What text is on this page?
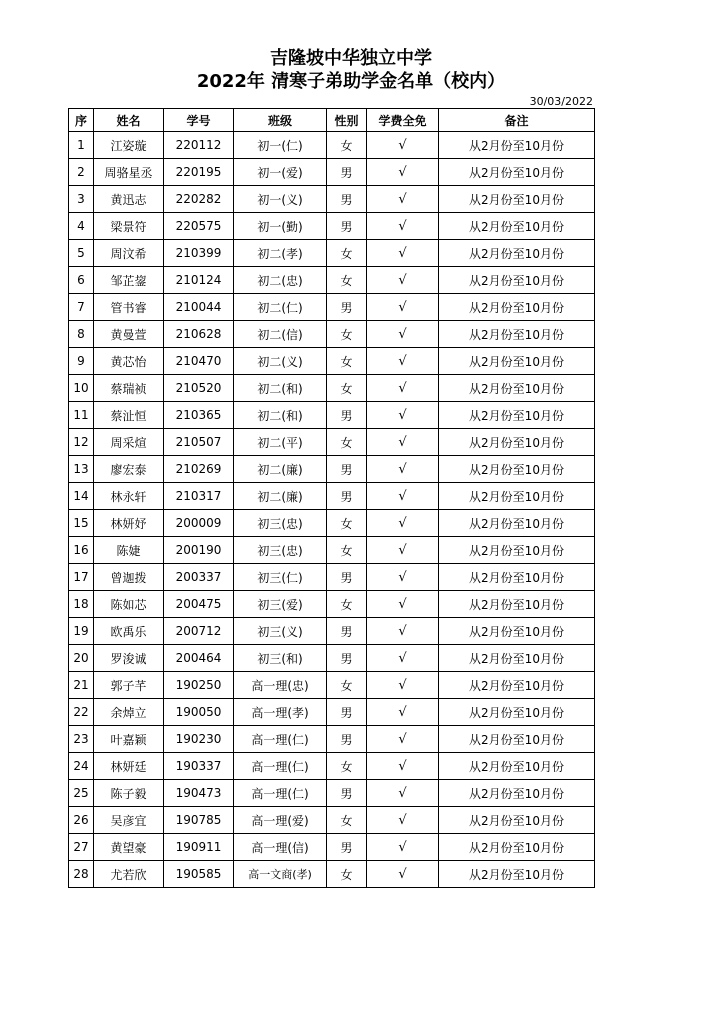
吉隆坡中华独立中学
2022年 清寒子弟助学金名单（校内）
30/03/2022
序	姓名	学号	班级	性别	学费全免	备注
1	江姿璇	220112	初一(仁)	女	√	从2月份至10月份
2	周骆星丞	220195	初一(爱)	男	√	从2月份至10月份
3	黄迅志	220282	初一(义)	男	√	从2月份至10月份
4	梁景符	220575	初一(勤)	男	√	从2月份至10月份
5	周汶希	210399	初二(孝)	女	√	从2月份至10月份
6	邹芷鋆	210124	初二(忠)	女	√	从2月份至10月份
7	管书睿	210044	初二(仁)	男	√	从2月份至10月份
8	黄曼萱	210628	初二(信)	女	√	从2月份至10月份
9	黄芯怡	210470	初二(义)	女	√	从2月份至10月份
10	蔡瑞祯	210520	初二(和)	女	√	从2月份至10月份
11	蔡沚恒	210365	初二(和)	男	√	从2月份至10月份
12	周采煊	210507	初二(平)	女	√	从2月份至10月份
13	廖宏泰	210269	初二(廉)	男	√	从2月份至10月份
14	林永轩	210317	初二(廉)	男	√	从2月份至10月份
15	林妍妤	200009	初三(忠)	女	√	从2月份至10月份
16	陈婕	200190	初三(忠)	女	√	从2月份至10月份
17	曾迦拨	200337	初三(仁)	男	√	从2月份至10月份
18	陈如芯	200475	初三(爱)	女	√	从2月份至10月份
19	欧禹乐	200712	初三(义)	男	√	从2月份至10月份
20	罗浚诚	200464	初三(和)	男	√	从2月份至10月份
21	郭子芊	190250	高一理(忠)	女	√	从2月份至10月份
22	余焯立	190050	高一理(孝)	男	√	从2月份至10月份
23	叶嘉颖	190230	高一理(仁)	男	√	从2月份至10月份
24	林妍廷	190337	高一理(仁)	女	√	从2月份至10月份
25	陈子毅	190473	高一理(仁)	男	√	从2月份至10月份
26	吴彦宜	190785	高一理(爱)	女	√	从2月份至10月份
27	黄望豪	190911	高一理(信)	男	√	从2月份至10月份
28	尤若欣	190585	高一文商(孝)	女	√	从2月份至10月份
